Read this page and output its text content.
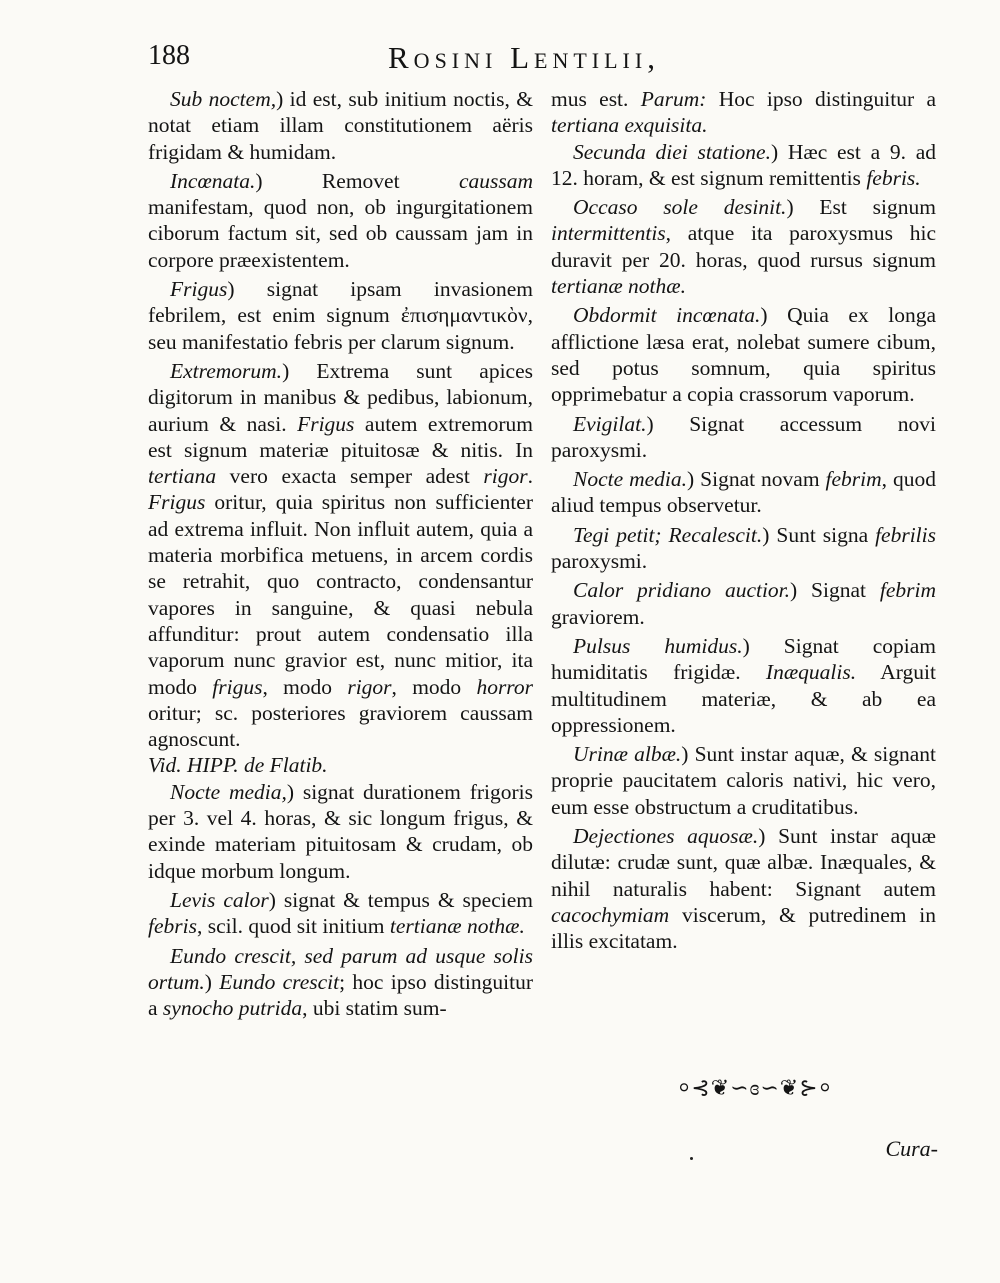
188	Rosini Lentilii,

Sub noctem,) id est, sub initium noctis, & notat etiam illam constitutionem aëris frigidam & humidam.

Incœnata.) Removet caussam manifestam, quod non, ob ingurgitationem ciborum factum sit, sed ob caussam jam in corpore præexistentem.

Frigus) signat ipsam invasionem febrilem, est enim signum ἐπισημαντικὸν, seu manifestatio febris per clarum signum.

Extremorum.) Extrema sunt apices digitorum in manibus & pedibus, labionum, aurium & nasi. Frigus autem extremorum est signum materiæ pituitosæ & nitis. In tertiana vero exacta semper adest rigor. Frigus oritur, quia spiritus non sufficienter ad extrema influit. Non influit autem, quia a materia morbifica metuens, in arcem cordis se retrahit, quo contracto, condensantur vapores in sanguine, & quasi nebula affunditur: prout autem condensatio illa vaporum nunc gravior est, nunc mitior, ita modo frigus, modo rigor, modo horror oritur; sc. posteriores graviorem caussam agnoscunt.

Vid. HIPP. de Flatib.

Nocte media,) signat durationem frigoris per 3. vel 4. horas, & sic longum frigus, & exinde materiam pituitosam & crudam, ob idque morbum longum.

Levis calor) signat & tempus & speciem febris, scil. quod sit initium tertianæ nothæ.

Eundo crescit, sed parum ad usque solis ortum.) Eundo crescit; hoc ipso distinguitur a synocho putrida, ubi statim sum-

mus est. Parum: Hoc ipso distinguitur a tertiana exquisita.

Secunda diei statione.) Hæc est a 9. ad 12. horam, & est signum remittentis febris.

Occaso sole desinit.) Est signum intermittentis, atque ita paroxysmus hic duravit per 20. horas, quod rursus signum tertianæ nothæ.

Obdormit incœnata.) Quia ex longa afflictione læsa erat, nolebat sumere cibum, sed potus somnum, quia spiritus opprimebatur a copia crassorum vaporum.

Evigilat.) Signat accessum novi paroxysmi.

Nocte media.) Signat novam febrim, quod aliud tempus observetur.

Tegi petit; Recalescit.) Sunt signa febrilis paroxysmi.

Calor pridiano auctior.) Signat febrim graviorem.

Pulsus humidus.) Signat copiam humiditatis frigidæ. Inæqualis. Arguit multitudinem materiæ, & ab ea oppressionem.

Urinæ albæ.) Sunt instar aquæ, & signant proprie paucitatem caloris nativi, hic vero, eum esse obstructum a cruditatibus.

Dejectiones aquosæ.) Sunt instar aquæ dilutæ: crudæ sunt, quæ albæ. Inæquales, & nihil naturalis habent: Signant autem cacochymiam viscerum, & putredinem in illis excitatam.

⸰⊰❦∽ɞ∽❦⊱⸰
Cura-
